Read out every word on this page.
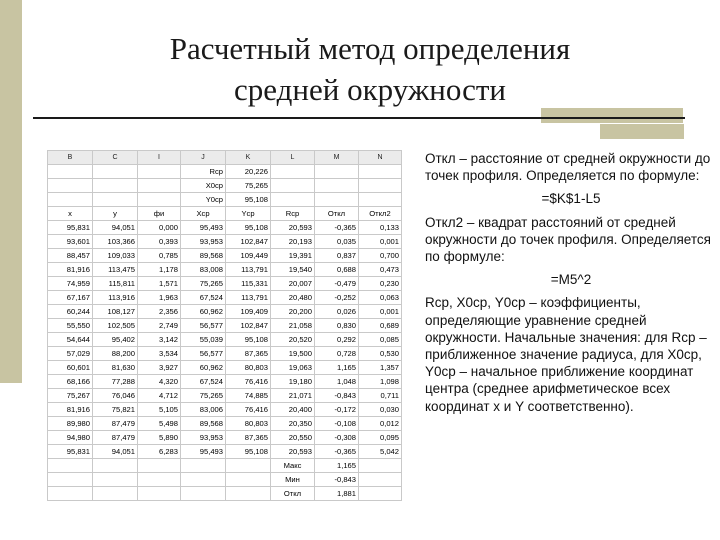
Расчетный метод определения
средней окружности
B	C	I	J	K	L	M	N
			Rср	20,226			
			X0ср	75,265			
			Y0ср	95,108			
x	y	фи	Xср	Yср	Rср	Откл	Откл2
95,831	94,051	0,000	95,493	95,108	20,593	-0,365	0,133
93,601	103,366	0,393	93,953	102,847	20,193	0,035	0,001
88,457	109,033	0,785	89,568	109,449	19,391	0,837	0,700
81,916	113,475	1,178	83,008	113,791	19,540	0,688	0,473
74,959	115,811	1,571	75,265	115,331	20,007	-0,479	0,230
67,167	113,916	1,963	67,524	113,791	20,480	-0,252	0,063
60,244	108,127	2,356	60,962	109,409	20,200	0,026	0,001
55,550	102,505	2,749	56,577	102,847	21,058	0,830	0,689
54,644	95,402	3,142	55,039	95,108	20,520	0,292	0,085
57,029	88,200	3,534	56,577	87,365	19,500	0,728	0,530
60,601	81,630	3,927	60,962	80,803	19,063	1,165	1,357
68,166	77,288	4,320	67,524	76,416	19,180	1,048	1,098
75,267	76,046	4,712	75,265	74,885	21,071	-0,843	0,711
81,916	75,821	5,105	83,006	76,416	20,400	-0,172	0,030
89,980	87,479	5,498	89,568	80,803	20,350	-0,108	0,012
94,980	87,479	5,890	93,953	87,365	20,550	-0,308	0,095
95,831	94,051	6,283	95,493	95,108	20,593	-0,365	5,042
					Макс	1,165	
					Мин	-0,843	
					Откл	1,881	

Откл – расстояние от средней окружности до точек профиля. Определяется по формуле:

=$K$1-L5

Откл2 – квадрат расстояний от средней окружности до точек профиля. Определяется по формуле:

=M5^2

Rср, X0ср, Y0ср – коэффициенты, определяющие уравнение средней окружности. Начальные значения: для Rср – приближенное значение радиуса, для X0ср, Y0ср – начальное приближение координат центра (среднее арифметическое всех координат x и Y соответственно).
